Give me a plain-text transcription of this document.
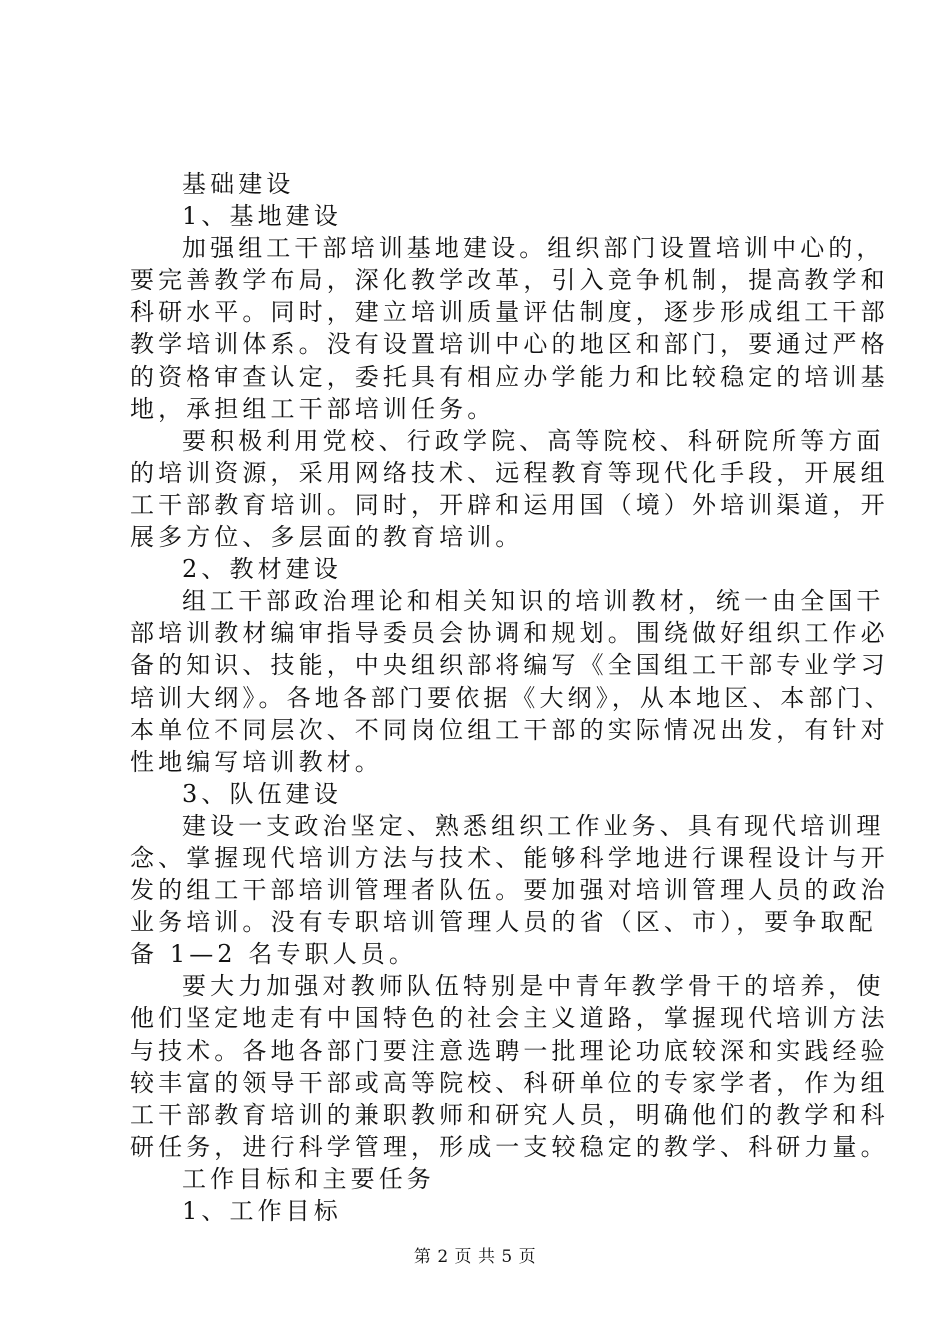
基础建设
1、基地建设
加强组工干部培训基地建设。组织部门设置培训中心的，
要完善教学布局，深化教学改革，引入竞争机制，提高教学和
科研水平。同时，建立培训质量评估制度，逐步形成组工干部
教学培训体系。没有设置培训中心的地区和部门，要通过严格
的资格审查认定，委托具有相应办学能力和比较稳定的培训基
地，承担组工干部培训任务。
要积极利用党校、行政学院、高等院校、科研院所等方面
的培训资源，采用网络技术、远程教育等现代化手段，开展组
工干部教育培训。同时，开辟和运用国（境）外培训渠道，开
展多方位、多层面的教育培训。
2、教材建设
组工干部政治理论和相关知识的培训教材，统一由全国干
部培训教材编审指导委员会协调和规划。围绕做好组织工作必
备的知识、技能，中央组织部将编写《全国组工干部专业学习
培训大纲》。各地各部门要依据《大纲》，从本地区、本部门、
本单位不同层次、不同岗位组工干部的实际情况出发，有针对
性地编写培训教材。
3、队伍建设
建设一支政治坚定、熟悉组织工作业务、具有现代培训理
念、掌握现代培训方法与技术、能够科学地进行课程设计与开
发的组工干部培训管理者队伍。要加强对培训管理人员的政治
业务培训。没有专职培训管理人员的省（区、市），要争取配
备 1—2 名专职人员。
要大力加强对教师队伍特别是中青年教学骨干的培养，使
他们坚定地走有中国特色的社会主义道路，掌握现代培训方法
与技术。各地各部门要注意选聘一批理论功底较深和实践经验
较丰富的领导干部或高等院校、科研单位的专家学者，作为组
工干部教育培训的兼职教师和研究人员，明确他们的教学和科
研任务，进行科学管理，形成一支较稳定的教学、科研力量。
工作目标和主要任务
1、工作目标
第 2 页 共 5 页
